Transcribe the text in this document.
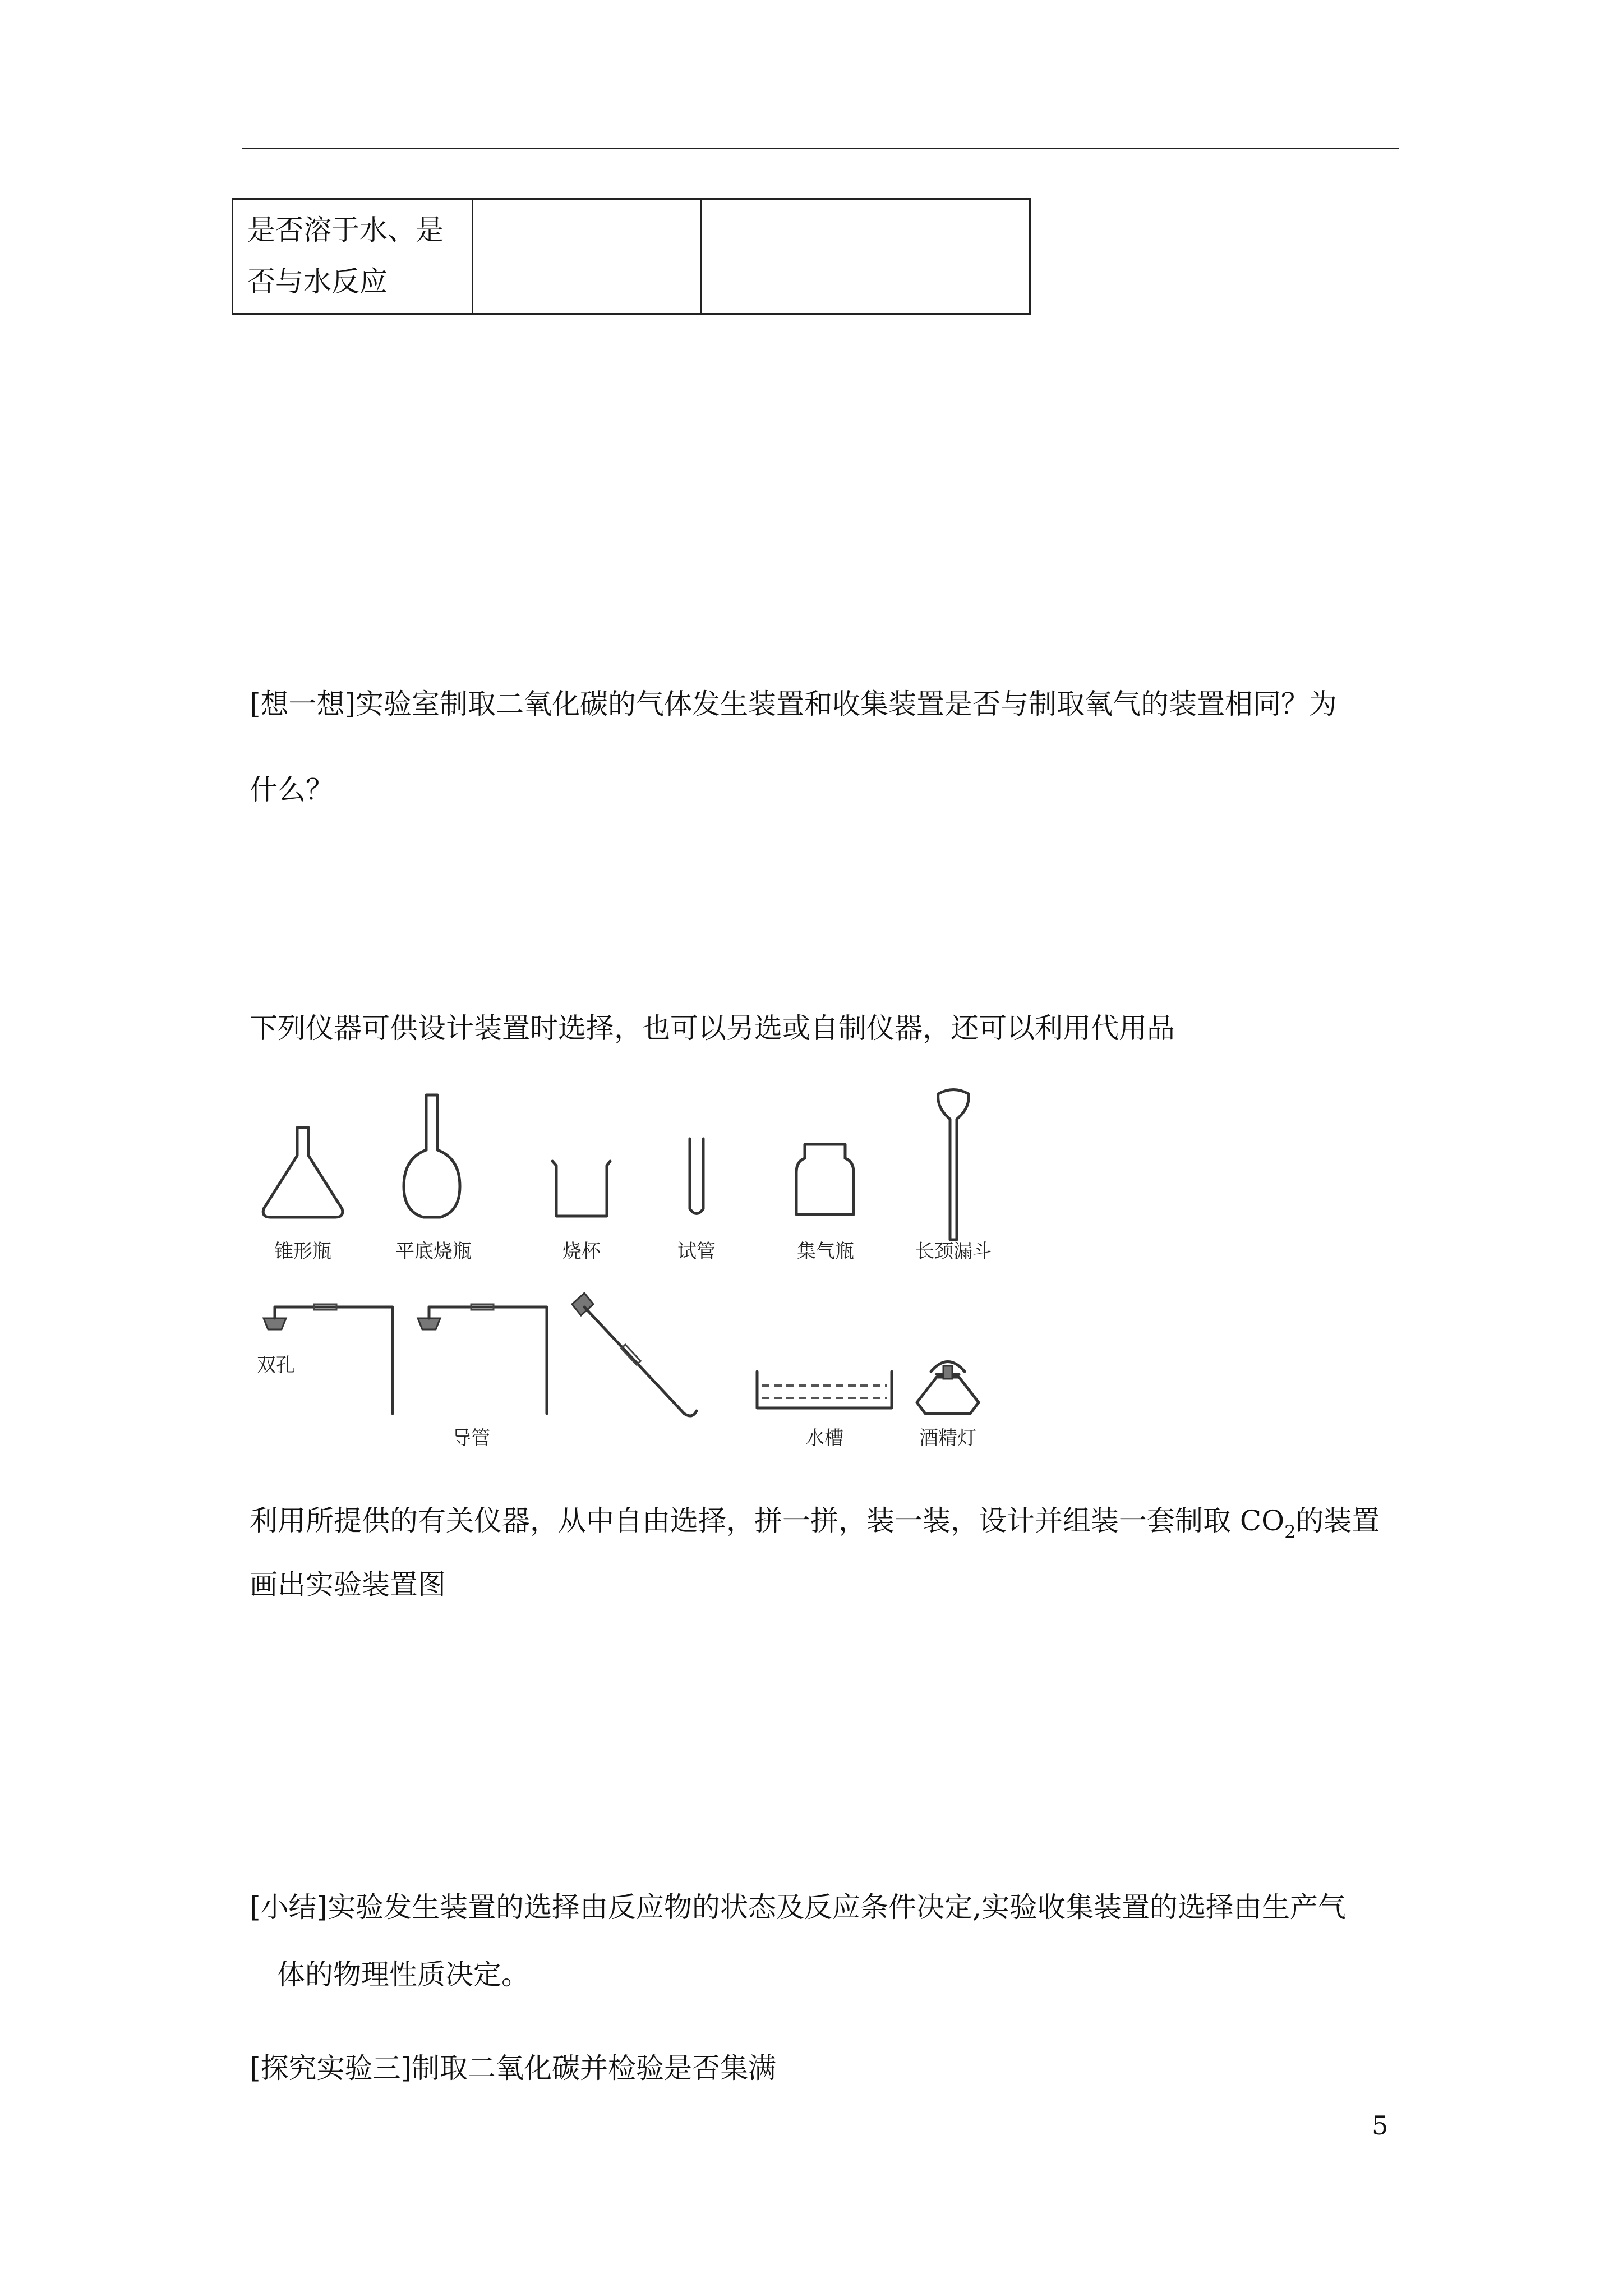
是否溶于水、是
否与水反应		
[想一想]实验室制取二氧化碳的气体发生装置和收集装置是否与制取氧气的装置相同？为
什么？
下列仪器可供设计装置时选择，也可以另选或自制仪器，还可以利用代用品
锥形瓶	平底烧瓶	烧杯	试管	集气瓶	长颈漏斗
双孔
导管	水槽	酒精灯
利用所提供的有关仪器，从中自由选择，拼一拼，装一装，设计并组装一套制取 $CO_2$的装置
画出实验装置图
[小结]实验发生装置的选择由反应物的状态及反应条件决定,实验收集装置的选择由生产气
体的物理性质决定。
[探究实验三]制取二氧化碳并检验是否集满
5
